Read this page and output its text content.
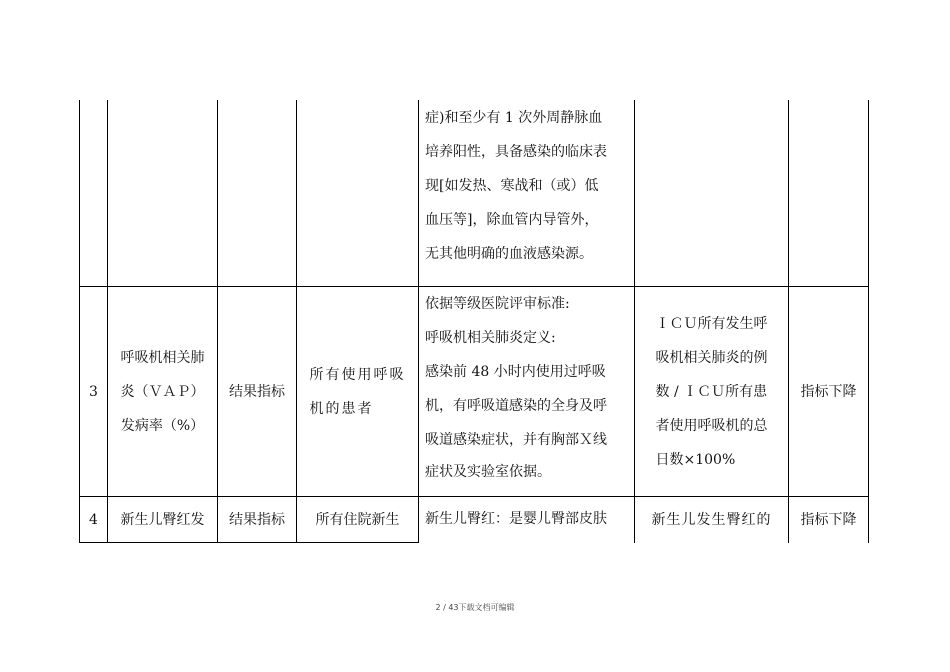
症)和至少有 1 次外周静脉血
培养阳性，具备感染的临床表
现[如发热、寒战和（或）低
血压等]，除血管内导管外，
无其他明确的血液感染源。
3
呼吸机相关肺
炎（ＶＡＰ）
发病率（%）
结果指标
所有使用呼吸
机的患者
依据等级医院评审标准:
呼吸机相关肺炎定义:
感染前 48 小时内使用过呼吸
机，有呼吸道感染的全身及呼
吸道感染症状，并有胸部Ｘ线
症状及实验室依据。
ＩＣＵ所有发生呼
吸机相关肺炎的例
数 / ＩＣＵ所有患
者使用呼吸机的总
日数×100%
指标下降
4 新生儿臀红发 结果指标 所有住院新生 新生儿臀红：是婴儿臀部皮肤	新生儿发生臀红的 指标下降
2 / 43下载文档可编辑
